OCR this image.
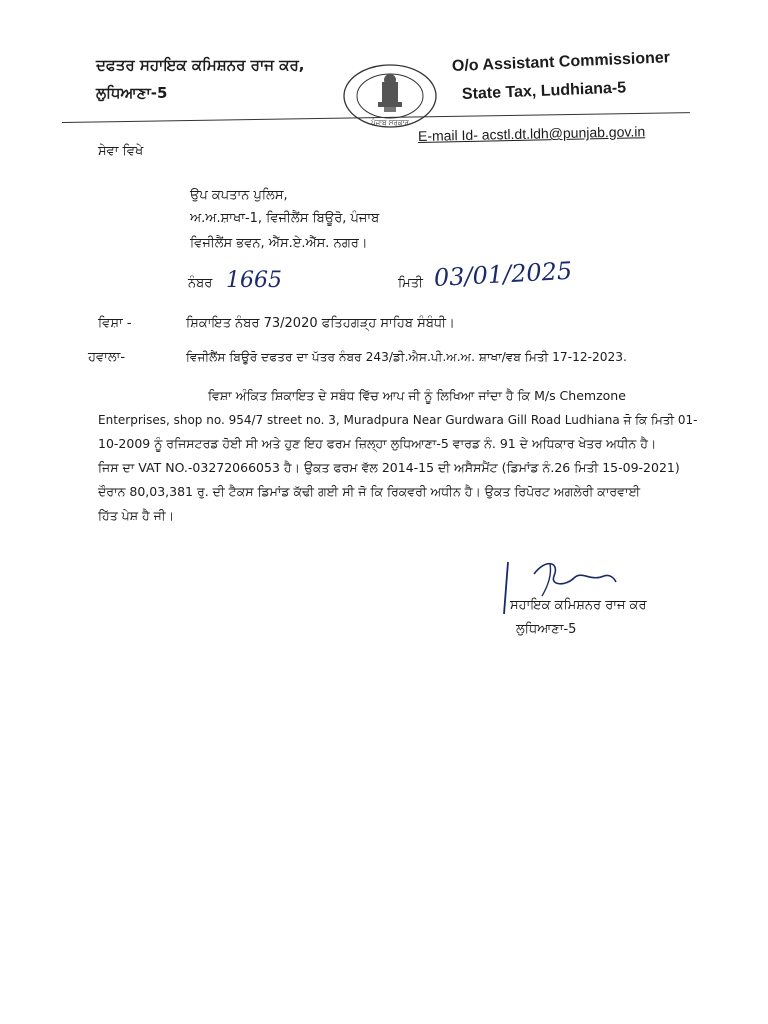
ਦਫਤਰ ਸਹਾਇਕ ਕਮਿਸ਼ਨਰ ਰਾਜ ਕਰ,
ਲੁਧਿਆਣਾ-5
ਪੰਜਾਬ ਸਰਕਾਰ
O/o Assistant Commissioner
State Tax, Ludhiana-5
E-mail Id- acstl.dt.ldh@punjab.gov.in
ਸੇਵਾ ਵਿਖੇ
ਉਪ ਕਪਤਾਨ ਪੁਲਿਸ,
ਅ.ਅ.ਸ਼ਾਖਾ-1, ਵਿਜੀਲੈਂਸ ਬਿਊਰੋ, ਪੰਜਾਬ
ਵਿਜੀਲੈਂਸ ਭਵਨ, ਐੱਸ.ਏ.ਐੱਸ. ਨਗਰ।
ਨੰਬਰ 1665	ਮਿਤੀ 03/01/2025
ਵਿਸ਼ਾ -	ਸ਼ਿਕਾਇਤ ਨੰਬਰ 73/2020 ਫਤਿਹਗੜ੍ਹ ਸਾਹਿਬ ਸੰਬੰਧੀ।
ਹਵਾਲਾ-	ਵਿਜੀਲੈਂਸ ਬਿਊਰੋ ਦਫਤਰ ਦਾ ਪੱਤਰ ਨੰਬਰ 243/ਡੀ.ਐਸ.ਪੀ.ਅ.ਅ. ਸ਼ਾਖਾ/ਵਬ ਮਿਤੀ 17-12-2023.

ਵਿਸ਼ਾ ਅੰਕਿਤ ਸ਼ਿਕਾਇਤ ਦੇ ਸਬੰਧ ਵਿੱਚ ਆਪ ਜੀ ਨੂੰ ਲਿਖਿਆ ਜਾਂਦਾ ਹੈ ਕਿ M/s Chemzone

Enterprises, shop no. 954/7 street no. 3, Muradpura Near Gurdwara Gill Road Ludhiana ਜੋ ਕਿ ਮਿਤੀ 01-

10-2009 ਨੂੰ ਰਜਿਸਟਰਡ ਹੋਈ ਸੀ ਅਤੇ ਹੁਣ ਇਹ ਫਰਮ ਜ਼ਿਲ੍ਹਾ ਲੁਧਿਆਣਾ-5 ਵਾਰਡ ਨੰ. 91 ਦੇ ਅਧਿਕਾਰ ਖੇਤਰ ਅਧੀਨ ਹੈ।

ਜਿਸ ਦਾ VAT NO.-03272066053 ਹੈ। ਉਕਤ ਫਰਮ ਵੱਲ 2014-15 ਦੀ ਅਸੈਸਮੈਂਟ (ਡਿਮਾਂਡ ਨੰ.26 ਮਿਤੀ 15-09-2021)

ਦੌਰਾਨ 80,03,381 ਰੁ. ਦੀ ਟੈਕਸ ਡਿਮਾਂਡ ਕੱਢੀ ਗਈ ਸੀ ਜੋ ਕਿ ਰਿਕਵਰੀ ਅਧੀਨ ਹੈ। ਉਕਤ ਰਿਪੋਰਟ ਅਗਲੇਰੀ ਕਾਰਵਾਈ

ਹਿੱਤ ਪੇਸ਼ ਹੈ ਜੀ।

ਸਹਾਇਕ ਕਮਿਸ਼ਨਰ ਰਾਜ ਕਰ
ਲੁਧਿਆਣਾ-5
